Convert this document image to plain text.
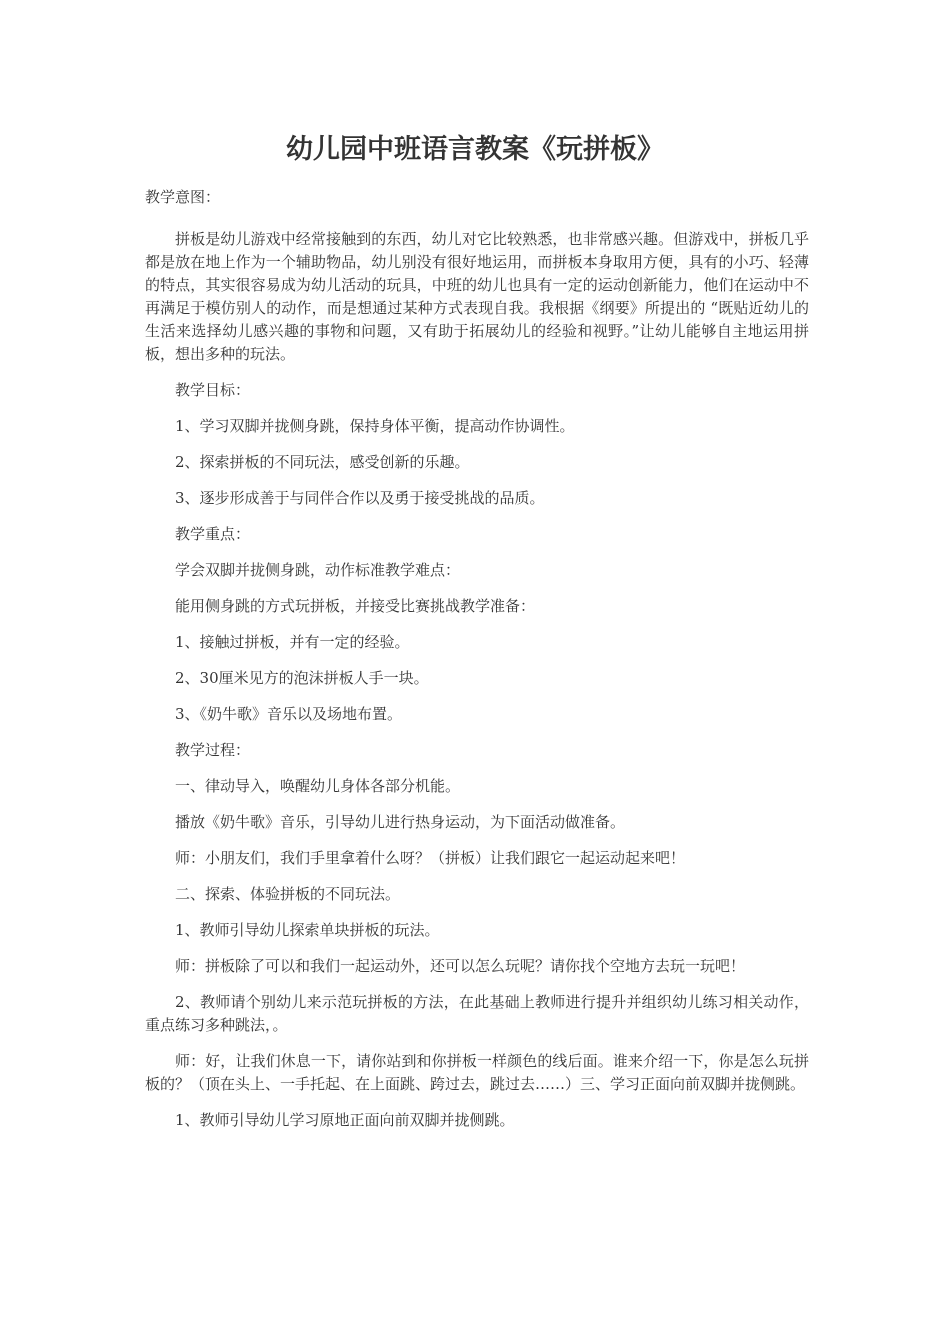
幼儿园中班语言教案《玩拼板》

教学意图：

拼板是幼儿游戏中经常接触到的东西，幼儿对它比较熟悉，也非常感兴趣。但游戏中，拼板几乎都是放在地上作为一个辅助物品，幼儿别没有很好地运用，而拼板本身取用方便，具有的小巧、轻薄的特点，其实很容易成为幼儿活动的玩具，中班的幼儿也具有一定的运动创新能力，他们在运动中不再满足于模仿别人的动作，而是想通过某种方式表现自我。我根据《纲要》所提出的 “既贴近幼儿的生活来选择幼儿感兴趣的事物和问题，又有助于拓展幼儿的经验和视野。”让幼儿能够自主地运用拼板，想出多种的玩法。

教学目标：

1、学习双脚并拢侧身跳，保持身体平衡，提高动作协调性。

2、探索拼板的不同玩法，感受创新的乐趣。

3、逐步形成善于与同伴合作以及勇于接受挑战的品质。

教学重点：

学会双脚并拢侧身跳，动作标准教学难点：

能用侧身跳的方式玩拼板，并接受比赛挑战教学准备：

1、接触过拼板，并有一定的经验。

2、30厘米见方的泡沫拼板人手一块。

3、《奶牛歌》音乐以及场地布置。

教学过程：

一、律动导入，唤醒幼儿身体各部分机能。

播放《奶牛歌》音乐，引导幼儿进行热身运动，为下面活动做准备。

师：小朋友们，我们手里拿着什么呀？（拼板）让我们跟它一起运动起来吧！

二、探索、体验拼板的不同玩法。

1、教师引导幼儿探索单块拼板的玩法。

师：拼板除了可以和我们一起运动外，还可以怎么玩呢？请你找个空地方去玩一玩吧！

2、教师请个别幼儿来示范玩拼板的方法，在此基础上教师进行提升并组织幼儿练习相关动作，重点练习多种跳法，。

师：好，让我们休息一下，请你站到和你拼板一样颜色的线后面。谁来介绍一下，你是怎么玩拼板的？（顶在头上、一手托起、在上面跳、跨过去，跳过去……）三、学习正面向前双脚并拢侧跳。

1、教师引导幼儿学习原地正面向前双脚并拢侧跳。
